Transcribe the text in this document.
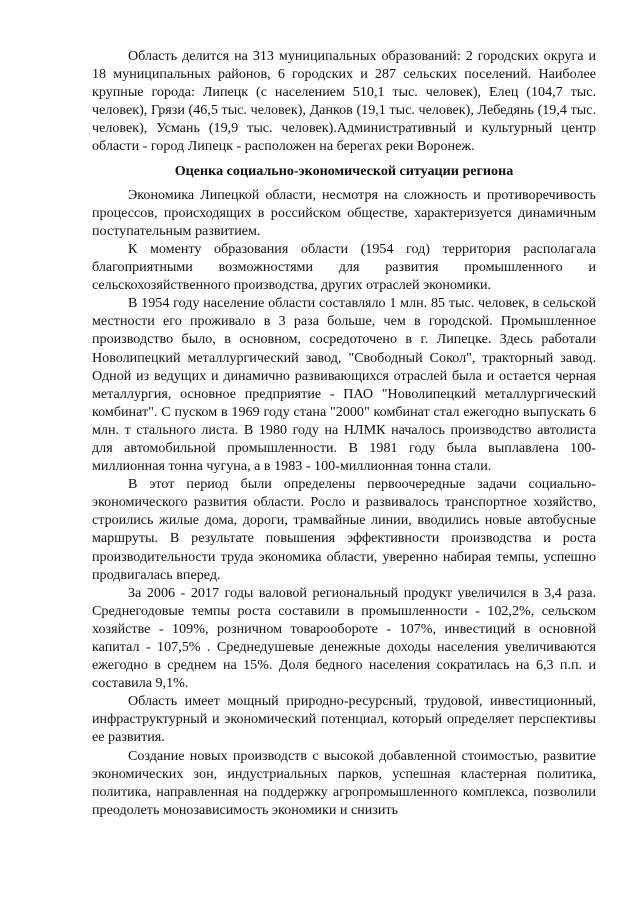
Область делится на 313 муниципальных образований: 2 городских округа и 18 муниципальных районов, 6 городских и 287 сельских поселений. Наиболее крупные города: Липецк (с населением 510,1 тыс. человек), Елец (104,7 тыс. человек), Грязи (46,5 тыс. человек), Данков (19,1 тыс. человек), Лебедянь (19,4 тыс. человек), Усмань (19,9 тыс. человек).Административный и культурный центр области - город Липецк - расположен на берегах реки Воронеж.

Оценка социально-экономической ситуации региона

Экономика Липецкой области, несмотря на сложность и противоречивость процессов, происходящих в российском обществе, характеризуется динамичным поступательным развитием.

К моменту образования области (1954 год) территория располагала благоприятными возможностями для развития промышленного и сельскохозяйственного производства, других отраслей экономики.

В 1954 году население области составляло 1 млн. 85 тыс. человек, в сельской местности его проживало в 3 раза больше, чем в городской. Промышленное производство было, в основном, сосредоточено в г. Липецке. Здесь работали Новолипецкий металлургический завод, "Свободный Сокол", тракторный завод. Одной из ведущих и динамично развивающихся отраслей была и остается черная металлургия, основное предприятие - ПАО "Новолипецкий металлургический комбинат". С пуском в 1969 году стана "2000" комбинат стал ежегодно выпускать 6 млн. т стального листа. В 1980 году на НЛМК началось производство автолиста для автомобильной промышленности. В 1981 году была выплавлена 100-миллионная тонна чугуна, а в 1983 - 100-миллионная тонна стали.

В этот период были определены первоочередные задачи социально-экономического развития области. Росло и развивалось транспортное хозяйство, строились жилые дома, дороги, трамвайные линии, вводились новые автобусные маршруты. В результате повышения эффективности производства и роста производительности труда экономика области, уверенно набирая темпы, успешно продвигалась вперед.

За 2006 - 2017 годы валовой региональный продукт увеличился в 3,4 раза. Среднегодовые темпы роста составили в промышленности - 102,2%, сельском хозяйстве - 109%, розничном товарообороте - 107%, инвестиций в основной капитал - 107,5% . Среднедушевые денежные доходы населения увеличиваются ежегодно в среднем на 15%. Доля бедного населения сократилась на 6,3 п.п. и составила 9,1%.

Область имеет мощный природно-ресурсный, трудовой, инвестиционный, инфраструктурный и экономический потенциал, который определяет перспективы ее развития.

Создание новых производств с высокой добавленной стоимостью, развитие экономических зон, индустриальных парков, успешная кластерная политика, политика, направленная на поддержку агропромышленного комплекса, позволили преодолеть монозависимость экономики и снизить
